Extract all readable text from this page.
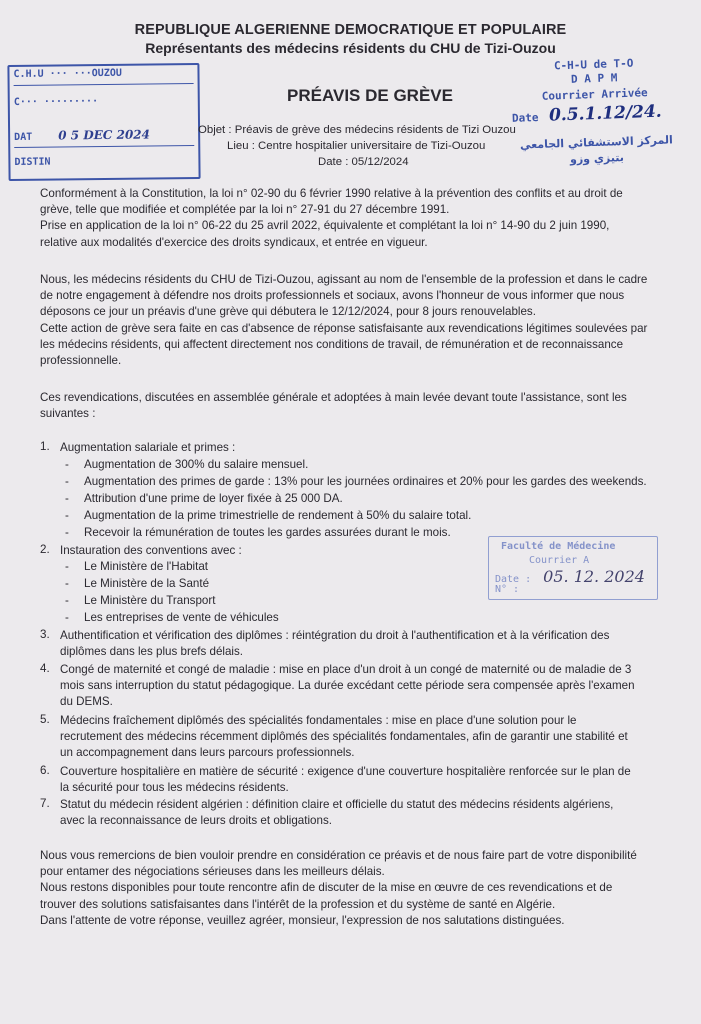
REPUBLIQUE ALGERIENNE DEMOCRATIQUE ET POPULAIRE
Représentants des médecins résidents du CHU de Tizi-Ouzou
C.H.U ··· ···OUZOU
C··· ·········
DAT 0 5 DEC 2024
DISTIN
PRÉAVIS DE GRÈVE
Objet : Préavis de grève des médecins résidents de Tizi Ouzou
Lieu : Centre hospitalier universitaire de Tizi-Ouzou
Date : 05/12/2024
C-H-U de T-O
D A P M
Courrier Arrivée
Date 0.5.1.12/24.
المركز الاستشفائي الجامعي
بتيزي وزو
Conformément à la Constitution, la loi n° 02-90 du 6 février 1990 relative à la prévention des conflits et au droit de
grève, telle que modifiée et complétée par la loi n° 27-91 du 27 décembre 1991.
Prise en application de la loi n° 06-22 du 25 avril 2022, équivalente et complétant la loi n° 14-90 du 2 juin 1990,
relative aux modalités d'exercice des droits syndicaux, et entrée en vigueur.
Nous, les médecins résidents du CHU de Tizi-Ouzou, agissant au nom de l'ensemble de la profession et dans le cadre
de notre engagement à défendre nos droits professionnels et sociaux, avons l'honneur de vous informer que nous
déposons ce jour un préavis d'une grève qui débutera le 12/12/2024, pour 8 jours renouvelables.
Cette action de grève sera faite en cas d'absence de réponse satisfaisante aux revendications légitimes soulevées par
les médecins résidents, qui affectent directement nos conditions de travail, de rémunération et de reconnaissance
professionnelle.
Ces revendications, discutées en assemblée générale et adoptées à main levée devant toute l'assistance, sont les
suivantes :
1. Augmentation salariale et primes :
- Augmentation de 300% du salaire mensuel.
- Augmentation des primes de garde : 13% pour les journées ordinaires et 20% pour les gardes des weekends.
- Attribution d'une prime de loyer fixée à 25 000 DA.
- Augmentation de la prime trimestrielle de rendement à 50% du salaire total.
- Recevoir la rémunération de toutes les gardes assurées durant le mois.
2. Instauration des conventions avec :
- Le Ministère de l'Habitat
- Le Ministère de la Santé
- Le Ministère du Transport
- Les entreprises de vente de véhicules
Faculté de Médecine
Courrier A
Date : 05. 12. 2024
N° :
3. Authentification et vérification des diplômes : réintégration du droit à l'authentification et à la vérification des
diplômes dans les plus brefs délais.
4. Congé de maternité et congé de maladie : mise en place d'un droit à un congé de maternité ou de maladie de 3
mois sans interruption du statut pédagogique. La durée excédant cette période sera compensée après l'examen
du DEMS.
5. Médecins fraîchement diplômés des spécialités fondamentales : mise en place d'une solution pour le
recrutement des médecins récemment diplômés des spécialités fondamentales, afin de garantir une stabilité et
un accompagnement dans leurs parcours professionnels.
6. Couverture hospitalière en matière de sécurité : exigence d'une couverture hospitalière renforcée sur le plan de
la sécurité pour tous les médecins résidents.
7. Statut du médecin résident algérien : définition claire et officielle du statut des médecins résidents algériens,
avec la reconnaissance de leurs droits et obligations.
Nous vous remercions de bien vouloir prendre en considération ce préavis et de nous faire part de votre disponibilité
pour entamer des négociations sérieuses dans les meilleurs délais.
Nous restons disponibles pour toute rencontre afin de discuter de la mise en œuvre de ces revendications et de
trouver des solutions satisfaisantes dans l'intérêt de la profession et du système de santé en Algérie.
Dans l'attente de votre réponse, veuillez agréer, monsieur, l'expression de nos salutations distinguées.
